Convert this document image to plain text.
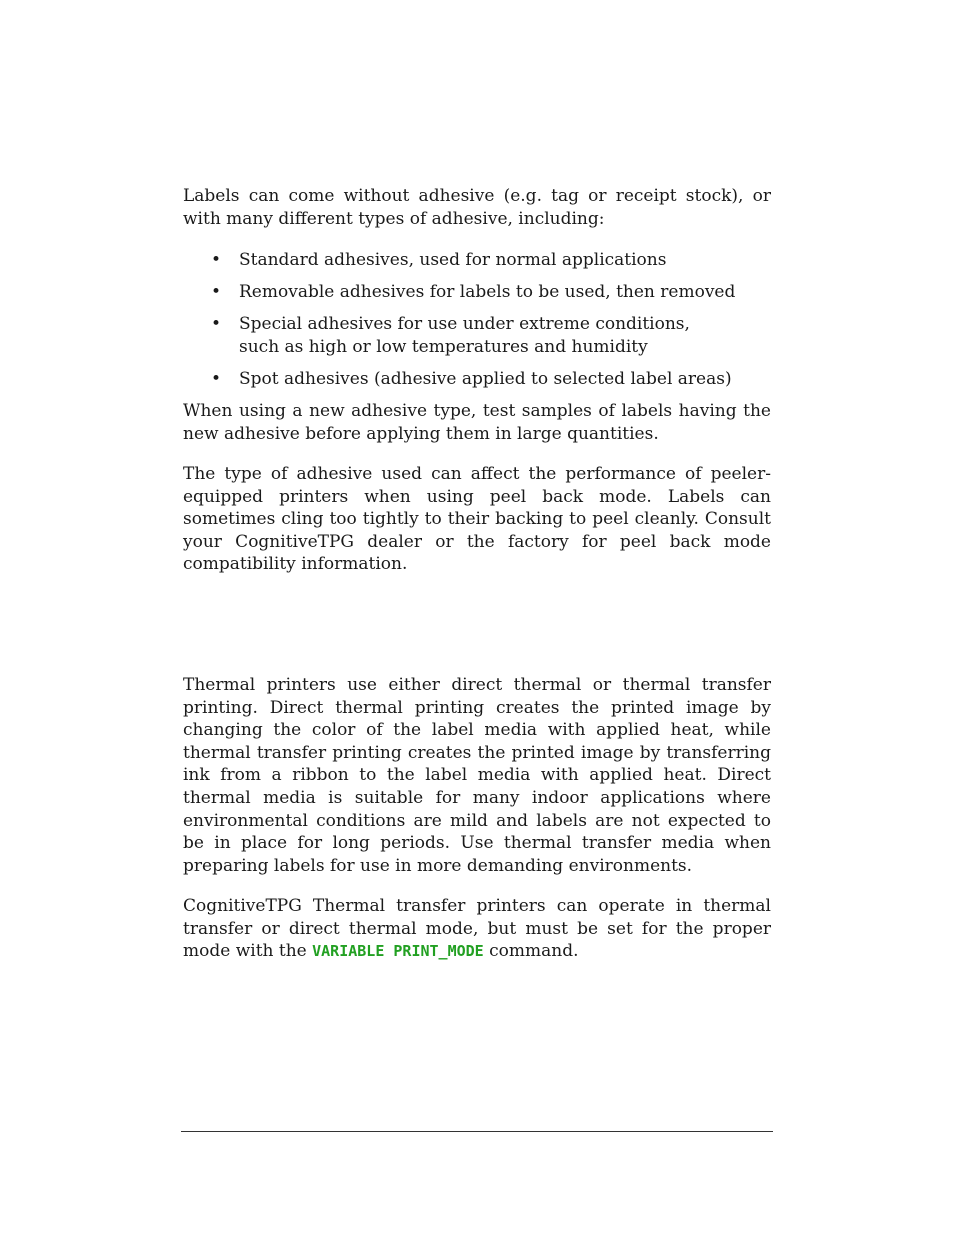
Labels can come without adhesive (e.g. tag or receipt stock), or with many different types of adhesive, including:

• Standard adhesives, used for normal applications
• Removable adhesives for labels to be used, then removed
• Special adhesives for use under extreme conditions, such as high or low temperatures and humidity
• Spot adhesives (adhesive applied to selected label areas)

When using a new adhesive type, test samples of labels having the new adhesive before applying them in large quantities.

The type of adhesive used can affect the performance of peeler-equipped printers when using peel back mode. Labels can sometimes cling too tightly to their backing to peel cleanly. Consult your CognitiveTPG dealer or the factory for peel back mode compatibility information.

Thermal printers use either direct thermal or thermal transfer printing. Direct thermal printing creates the printed image by changing the color of the label media with applied heat, while thermal transfer printing creates the printed image by transferring ink from a ribbon to the label media with applied heat. Direct thermal media is suitable for many indoor applications where environmental conditions are mild and labels are not expected to be in place for long periods. Use thermal transfer media when preparing labels for use in more demanding environments.

CognitiveTPG Thermal transfer printers can operate in thermal transfer or direct thermal mode, but must be set for the proper mode with the VARIABLE PRINT_MODE command.
